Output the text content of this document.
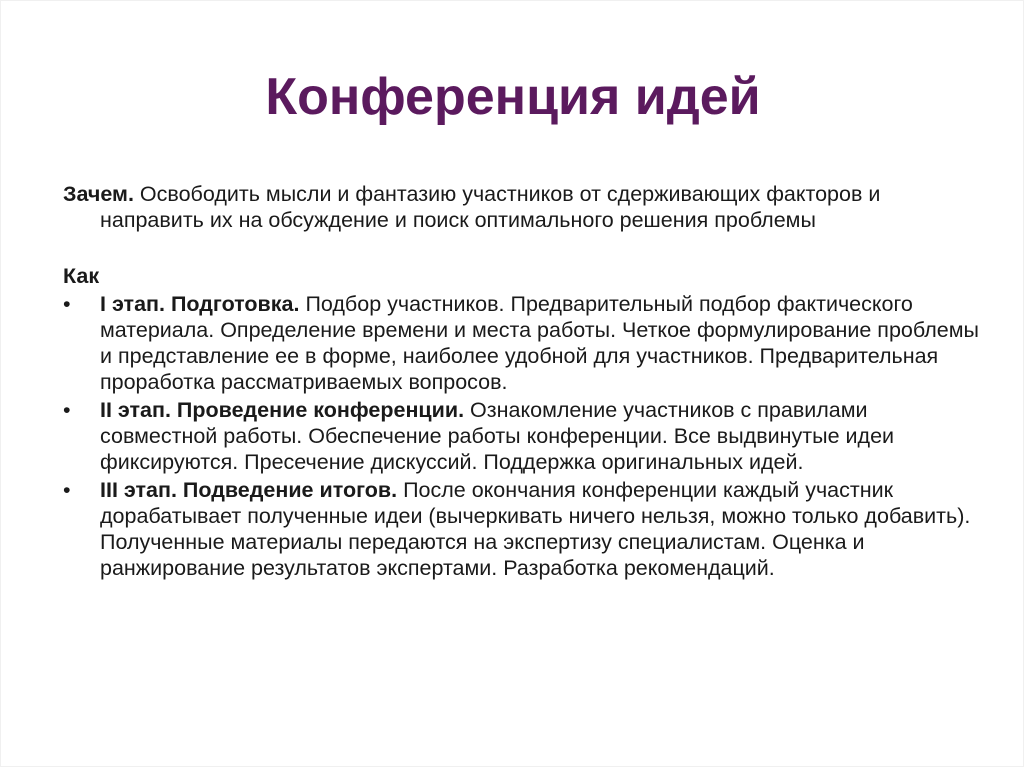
Конференция идей

Зачем. Освободить мысли и фантазию участников от сдерживающих факторов и направить их на обсуждение и поиск оптимального решения проблемы

Как

•	I этап. Подготовка. Подбор участников. Предварительный подбор фактического материала. Определение времени и места работы. Четкое формулирование проблемы и представление ее в форме, наиболее удобной для участников. Предварительная проработка рассматриваемых вопросов.
•	II этап. Проведение конференции. Ознакомление участников с правилами совместной работы. Обеспечение работы конференции. Все выдвинутые идеи фиксируются. Пресечение дискуссий. Поддержка оригинальных идей.
•	III этап. Подведение итогов. После окончания конференции каждый участник дорабатывает полученные идеи (вычеркивать ничего нельзя, можно только добавить). Полученные материалы передаются на экспертизу специалистам. Оценка и ранжирование результатов экспертами. Разработка рекомендаций.
